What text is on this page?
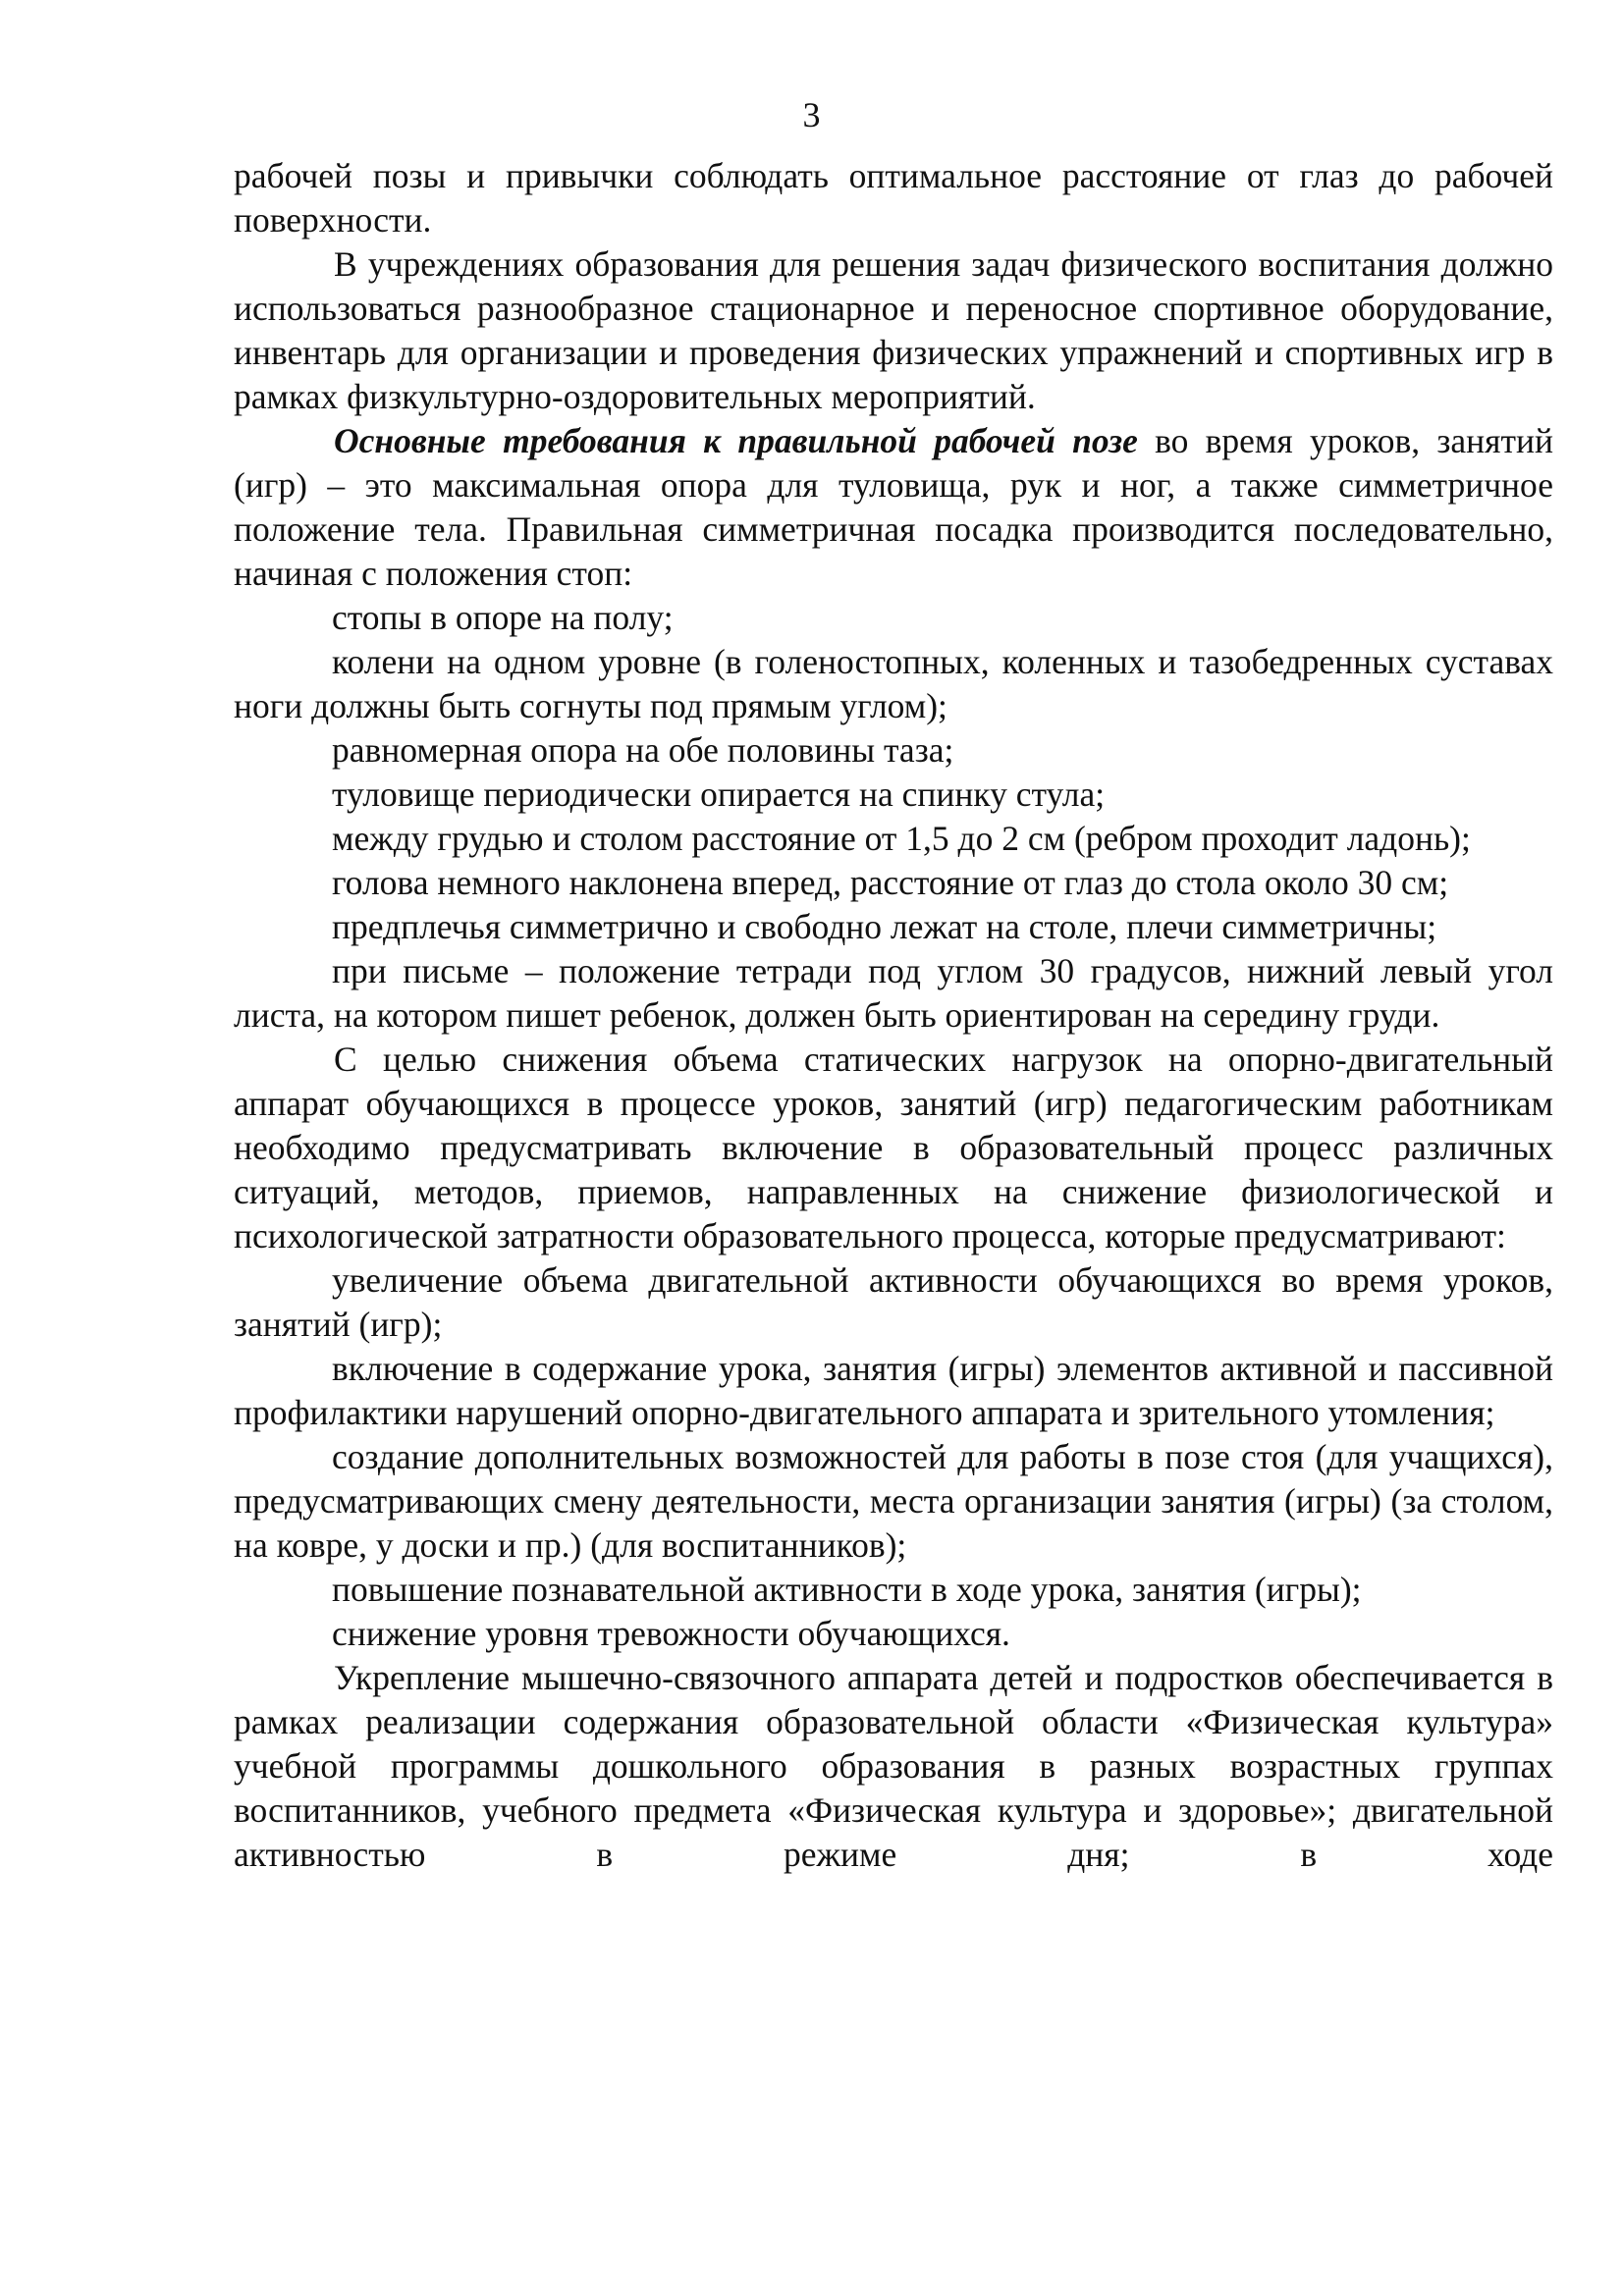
3

рабочей позы и привычки соблюдать оптимальное расстояние от глаз до рабочей поверхности.

В учреждениях образования для решения задач физического воспитания должно использоваться разнообразное стационарное и переносное спортивное оборудование, инвентарь для организации и проведения физических упражнений и спортивных игр в рамках физкультурно-оздоровительных мероприятий.

Основные требования к правильной рабочей позе во время уроков, занятий (игр) – это максимальная опора для туловища, рук и ног, а также симметричное положение тела. Правильная симметричная посадка производится последовательно, начиная с положения стоп:

стопы в опоре на полу;

колени на одном уровне (в голеностопных, коленных и тазобедренных суставах ноги должны быть согнуты под прямым углом);

равномерная опора на обе половины таза;

туловище периодически опирается на спинку стула;

между грудью и столом расстояние от 1,5 до 2 см (ребром проходит ладонь);

голова немного наклонена вперед, расстояние от глаз до стола около 30 см;

предплечья симметрично и свободно лежат на столе, плечи симметричны;

при письме – положение тетради под углом 30 градусов, нижний левый угол листа, на котором пишет ребенок, должен быть ориентирован на середину груди.

С целью снижения объема статических нагрузок на опорно-двигательный аппарат обучающихся в процессе уроков, занятий (игр) педагогическим работникам необходимо предусматривать включение в образовательный процесс различных ситуаций, методов, приемов, направленных на снижение физиологической и психологической затратности образовательного процесса, которые предусматривают:

увеличение объема двигательной активности обучающихся во время уроков, занятий (игр);

включение в содержание урока, занятия (игры) элементов активной и пассивной профилактики нарушений опорно-двигательного аппарата и зрительного утомления;

создание дополнительных возможностей для работы в позе стоя (для учащихся), предусматривающих смену деятельности, места организации занятия (игры) (за столом, на ковре, у доски и пр.) (для воспитанников);

повышение познавательной активности в ходе урока, занятия (игры);

снижение уровня тревожности обучающихся.

Укрепление мышечно-связочного аппарата детей и подростков обеспечивается в рамках реализации содержания образовательной области «Физическая культура» учебной программы дошкольного образования в разных возрастных группах воспитанников, учебного предмета «Физическая культура и здоровье»; двигательной активностью в режиме дня; в ходе
